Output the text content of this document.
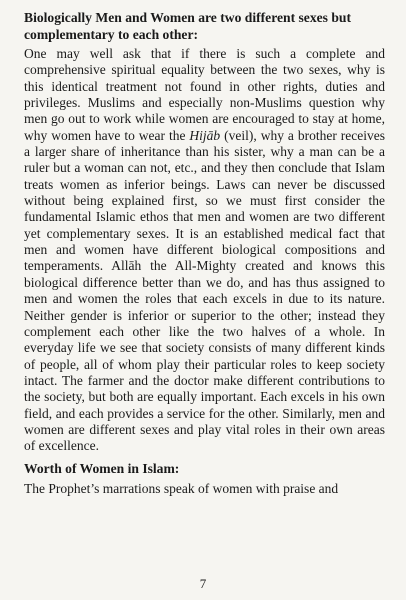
Biologically Men and Women are two different sexes but complementary to each other:

One may well ask that if there is such a complete and comprehensive spiritual equality between the two sexes, why is this identical treatment not found in other rights, duties and privileges. Muslims and especially non-Muslims question why men go out to work while women are encouraged to stay at home, why women have to wear the Hijāb (veil), why a brother receives a larger share of inheritance than his sister, why a man can be a ruler but a woman can not, etc., and they then conclude that Islam treats women as inferior beings. Laws can never be discussed without being explained first, so we must first consider the fundamental Islamic ethos that men and women are two different yet complementary sexes. It is an established medical fact that men and women have different biological compositions and temperaments. Allāh the All-Mighty created and knows this biological difference better than we do, and has thus assigned to men and women the roles that each excels in due to its nature. Neither gender is inferior or superior to the other; instead they complement each other like the two halves of a whole. In everyday life we see that society consists of many different kinds of people, all of whom play their particular roles to keep society intact. The farmer and the doctor make different contributions to the society, but both are equally important. Each excels in his own field, and each provides a service for the other. Similarly, men and women are different sexes and play vital roles in their own areas of excellence.

Worth of Women in Islam:

The Prophet’s marrations speak of women with praise and

7
